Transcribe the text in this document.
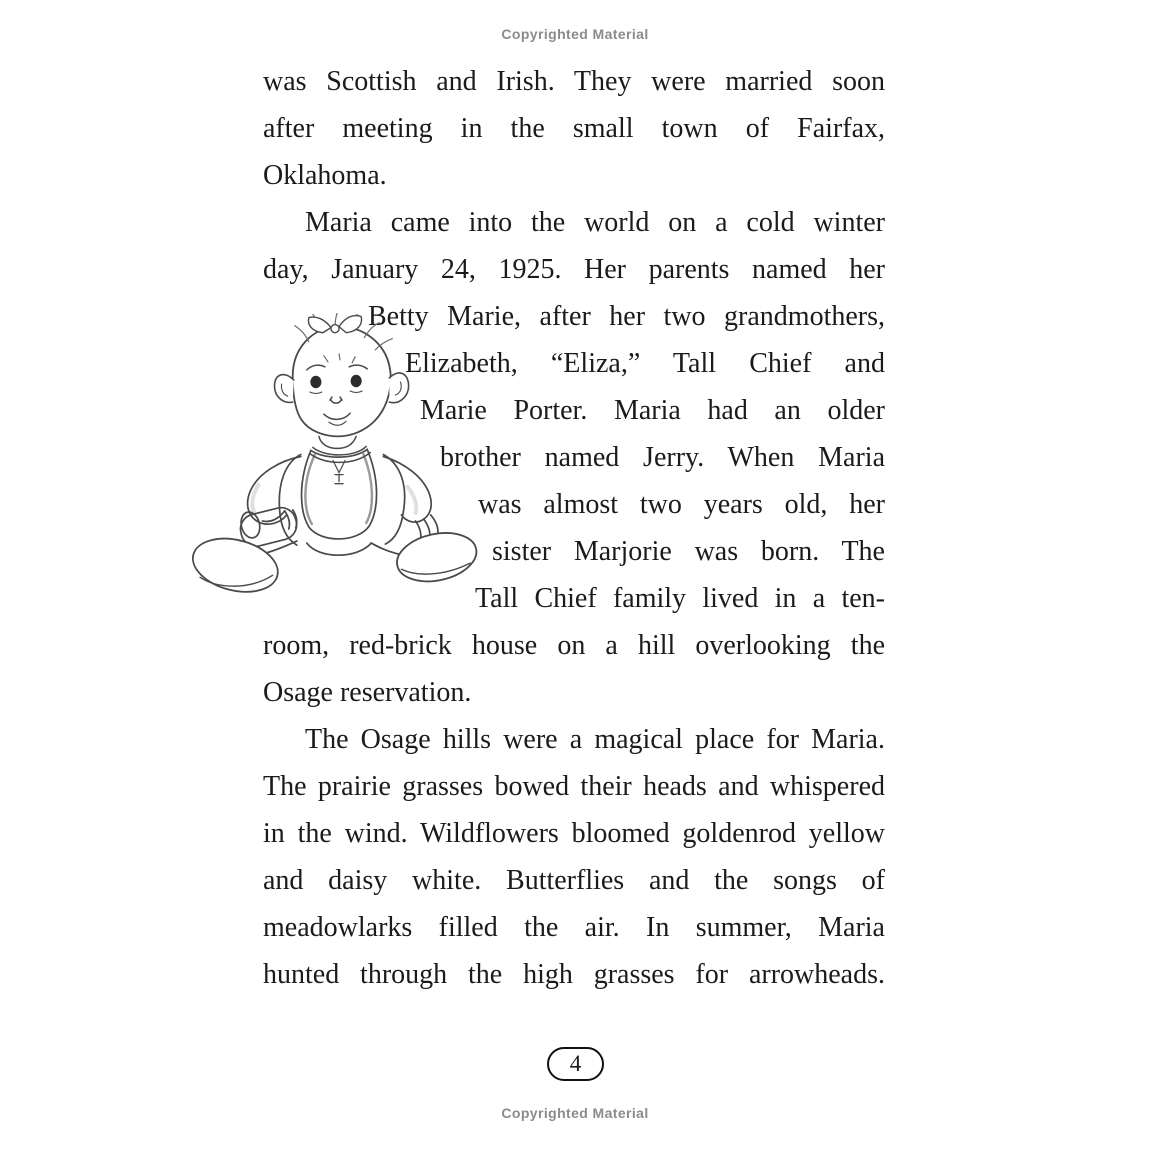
Copyrighted Material
was Scottish and Irish. They were married soon
after meeting in the small town of Fairfax,
Oklahoma.
Maria came into the world on a cold winter
day, January 24, 1925. Her parents named her
Betty Marie, after her two grandmothers,
Elizabeth, “Eliza,” Tall Chief and
Marie Porter. Maria had an older
brother named Jerry. When Maria
was almost two years old, her
sister Marjorie was born. The
Tall Chief family lived in a ten-
room, red-brick house on a hill overlooking the
Osage reservation.
The Osage hills were a magical place for Maria.
The prairie grasses bowed their heads and whispered
in the wind. Wildflowers bloomed goldenrod yellow
and daisy white. Butterflies and the songs of
meadowlarks filled the air. In summer, Maria
hunted through the high grasses for arrowheads.
4
Copyrighted Material
